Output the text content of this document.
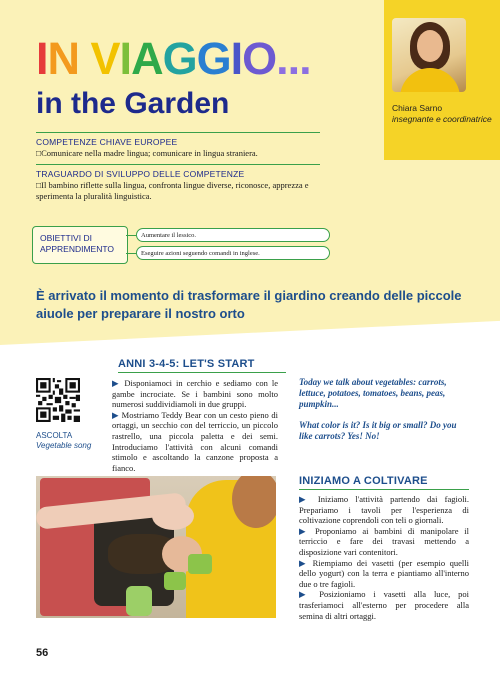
Chiara Sarno
insegnante e coordinatrice
IN VIAGGIO...
in the Garden
COMPETENZE CHIAVE EUROPEE
□Comunicare nella madre lingua; comunicare in lingua straniera.
TRAGUARDO DI SVILUPPO DELLE COMPETENZE
□Il bambino riflette sulla lingua, confronta lingue diverse, riconosce, apprezza e sperimenta la pluralità linguistica.
OBIETTIVI DI APPRENDIMENTO
Aumentare il lessico.
Eseguire azioni seguendo comandi in inglese.
È arrivato il momento di trasformare il giardino creando delle piccole aiuole per preparare il nostro orto
ANNI 3-4-5: LET'S START
ASCOLTA
Vegetable song
▶ Disponiamoci in cerchio e sediamo con le gambe incrociate. Se i bambini sono molto numerosi suddividiamoli in due gruppi.
▶ Mostriamo Teddy Bear con un cesto pieno di ortaggi, un secchio con del terriccio, un piccolo rastrello, una piccola paletta e dei semi. Introduciamo l'attività con alcuni comandi stimolo e ascoltando la canzone proposta a fianco.
Today we talk about vegetables: carrots, lettuce, potatoes, tomatoes, beans, peas, pumpkin...
What color is it? Is it big or small? Do you like carrots? Yes! No!
INIZIAMO A COLTIVARE
▶ Iniziamo l'attività partendo dai fagioli. Prepariamo i tavoli per l'esperienza di coltivazione coprendoli con teli o giornali.
▶ Proponiamo ai bambini di manipolare il terriccio e fare dei travasi mettendo a disposizione vari contenitori.
▶ Riempiamo dei vasetti (per esempio quelli dello yogurt) con la terra e piantiamo all'interno due o tre fagioli.
▶ Posizioniamo i vasetti alla luce, poi trasferiamoci all'esterno per procedere alla semina di altri ortaggi.
56
